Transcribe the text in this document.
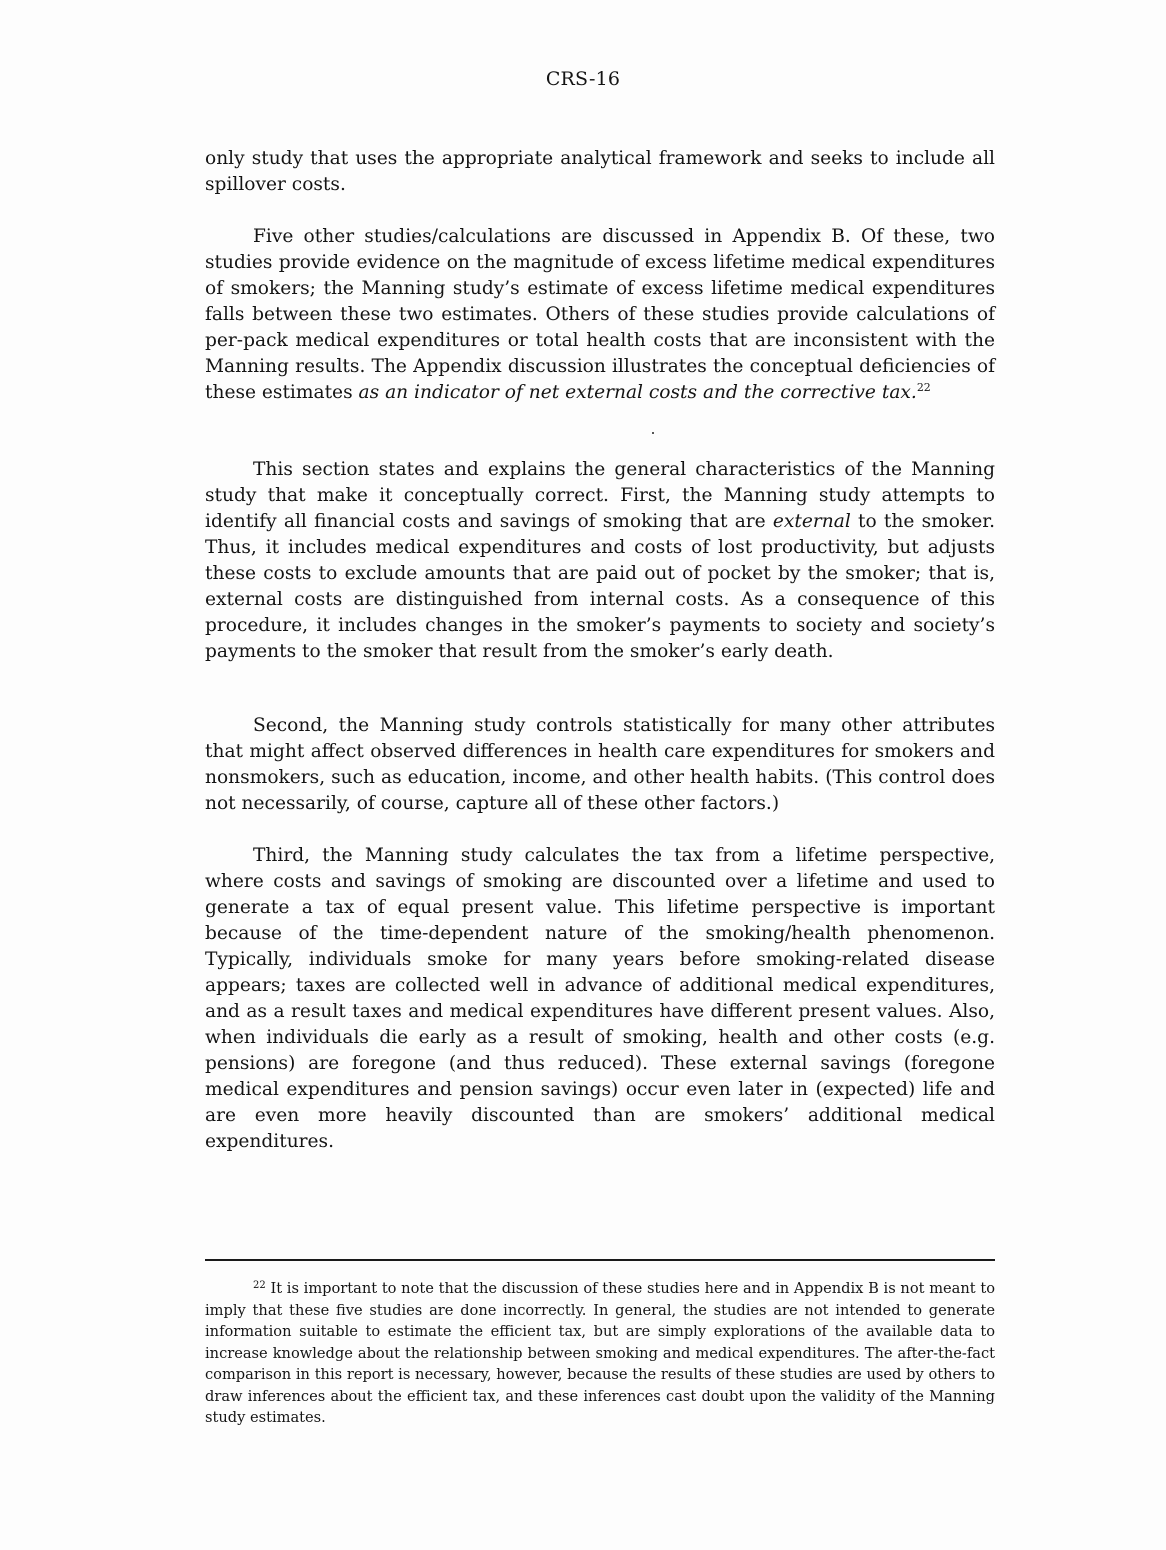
CRS-16

only study that uses the appropriate analytical framework and seeks to include all spillover costs.

Five other studies/calculations are discussed in Appendix B. Of these, two studies provide evidence on the magnitude of excess lifetime medical expenditures of smokers; the Manning study’s estimate of excess lifetime medical expenditures falls between these two estimates. Others of these studies provide calculations of per-pack medical expenditures or total health costs that are inconsistent with the Manning results. The Appendix discussion illustrates the conceptual deficiencies of these estimates as an indicator of net external costs and the corrective tax.$^{22}$

This section states and explains the general characteristics of the Manning study that make it conceptually correct. First, the Manning study attempts to identify all financial costs and savings of smoking that are external to the smoker. Thus, it includes medical expenditures and costs of lost productivity, but adjusts these costs to exclude amounts that are paid out of pocket by the smoker; that is, external costs are distinguished from internal costs. As a consequence of this procedure, it includes changes in the smoker’s payments to society and society’s payments to the smoker that result from the smoker’s early death.

Second, the Manning study controls statistically for many other attributes that might affect observed differences in health care expenditures for smokers and nonsmokers, such as education, income, and other health habits. (This control does not necessarily, of course, capture all of these other factors.)

Third, the Manning study calculates the tax from a lifetime perspective, where costs and savings of smoking are discounted over a lifetime and used to generate a tax of equal present value. This lifetime perspective is important because of the time-dependent nature of the smoking/health phenomenon. Typically, individuals smoke for many years before smoking-related disease appears; taxes are collected well in advance of additional medical expenditures, and as a result taxes and medical expenditures have different present values. Also, when individuals die early as a result of smoking, health and other costs (e.g. pensions) are foregone (and thus reduced). These external savings (foregone medical expenditures and pension savings) occur even later in (expected) life and are even more heavily discounted than are smokers’ additional medical expenditures.

$^{22}$ It is important to note that the discussion of these studies here and in Appendix B is not meant to imply that these five studies are done incorrectly. In general, the studies are not intended to generate information suitable to estimate the efficient tax, but are simply explorations of the available data to increase knowledge about the relationship between smoking and medical expenditures. The after-the-fact comparison in this report is necessary, however, because the results of these studies are used by others to draw inferences about the efficient tax, and these inferences cast doubt upon the validity of the Manning study estimates.
